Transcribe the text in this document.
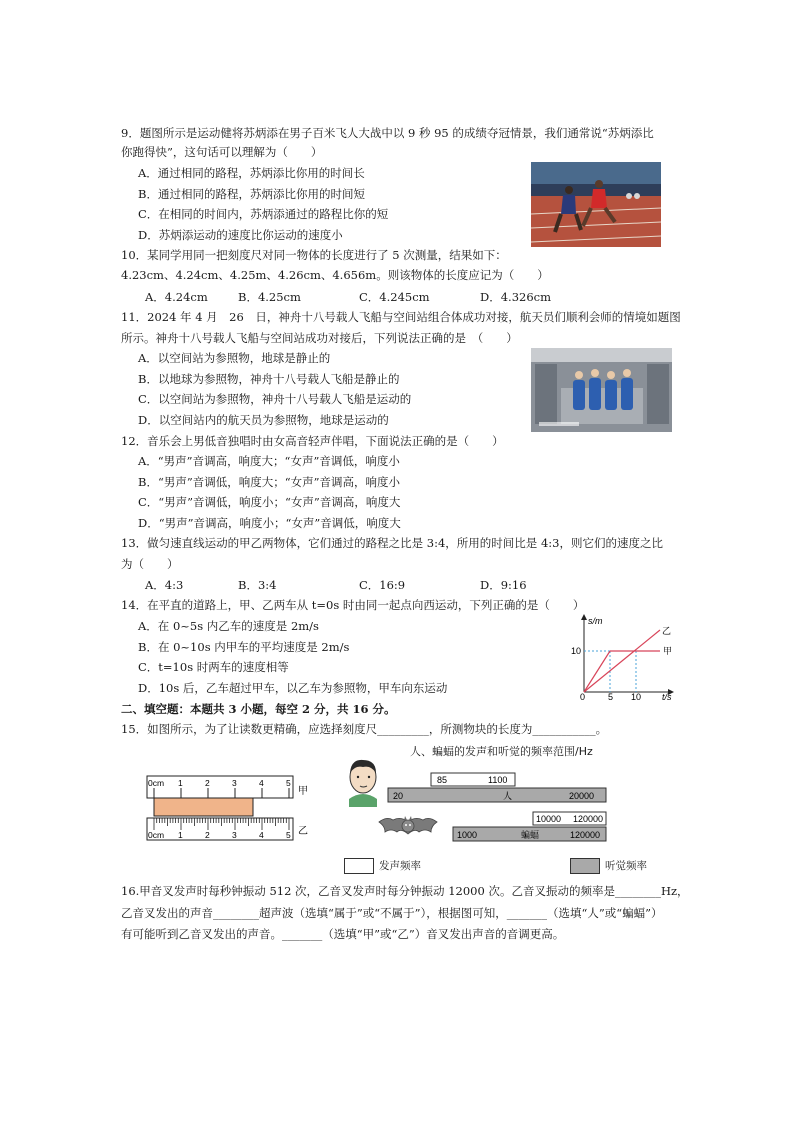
9．题图所示是运动健将苏炳添在男子百米飞人大战中以 9 秒 95 的成绩夺冠情景，我们通常说“苏炳添比
你跑得快”，这句话可以理解为（　　）
A．通过相同的路程，苏炳添比你用的时间长
B．通过相同的路程，苏炳添比你用的时间短
C．在相同的时间内，苏炳添通过的路程比你的短
D．苏炳添运动的速度比你运动的速度小
10．某同学用同一把刻度尺对同一物体的长度进行了 5 次测量，结果如下：
4.23cm、4.24cm、4.25m、4.26cm、4.656m。则该物体的长度应记为（　　）
A．4.24cm	B．4.25cm	C．4.245cm	D．4.326cm
11．2024 年 4 月　26　日，神舟十八号载人飞船与空间站组合体成功对接，航天员们顺利会师的情境如题图
所示。神舟十八号载人飞船与空间站成功对接后，下列说法正确的是　（　　）
A．以空间站为参照物，地球是静止的
B．以地球为参照物，神舟十八号载人飞船是静止的
C．以空间站为参照物，神舟十八号载人飞船是运动的
D．以空间站内的航天员为参照物，地球是运动的
12．音乐会上男低音独唱时由女高音轻声伴唱，下面说法正确的是（　　）
A．“男声”音调高，响度大；“女声”音调低，响度小
B．“男声”音调低，响度大；“女声”音调高，响度小
C．“男声”音调低，响度小；“女声”音调高，响度大
D．“男声”音调高，响度小；“女声”音调低，响度大
13．做匀速直线运动的甲乙两物体，它们通过的路程之比是 3:4，所用的时间比是 4:3，则它们的速度之比
为（　　）
A．4:3	B．3:4	C．16:9	D．9:16
14．在平直的道路上，甲、乙两车从 t=0s 时由同一起点向西运动，下列正确的是（　　）
A．在 0~5s 内乙车的速度是 2m/s
B．在 0~10s 内甲车的平均速度是 2m/s
C．t=10s 时两车的速度相等
D．10s 后，乙车超过甲车，以乙车为参照物，甲车向东运动
s/m
t/s
10
0	5 10
乙
甲
二、填空题：本题共 3 小题，每空 2 分，共 16 分。
15．如图所示，为了让读数更精确，应选择刻度尺_________，所测物块的长度为___________。
0cm 1	2	3	4	5
甲
0cm 1	2	3	4	5 乙
人、蝙蝠的发声和听觉的频率范围/Hz
85	1100
20	人	20000
10000 120000
1000	蝙蝠	120000
发声频率	听觉频率
16.甲音叉发声时每秒钟振动 512 次，乙音叉发声时每分钟振动 12000 次。乙音叉振动的频率是________Hz，
乙音叉发出的声音________超声波（选填“属于”或“不属于”），根据图可知，_______（选填“人”或“蝙蝠”）
有可能听到乙音叉发出的声音。_______（选填“甲”或“乙”）音叉发出声音的音调更高。
